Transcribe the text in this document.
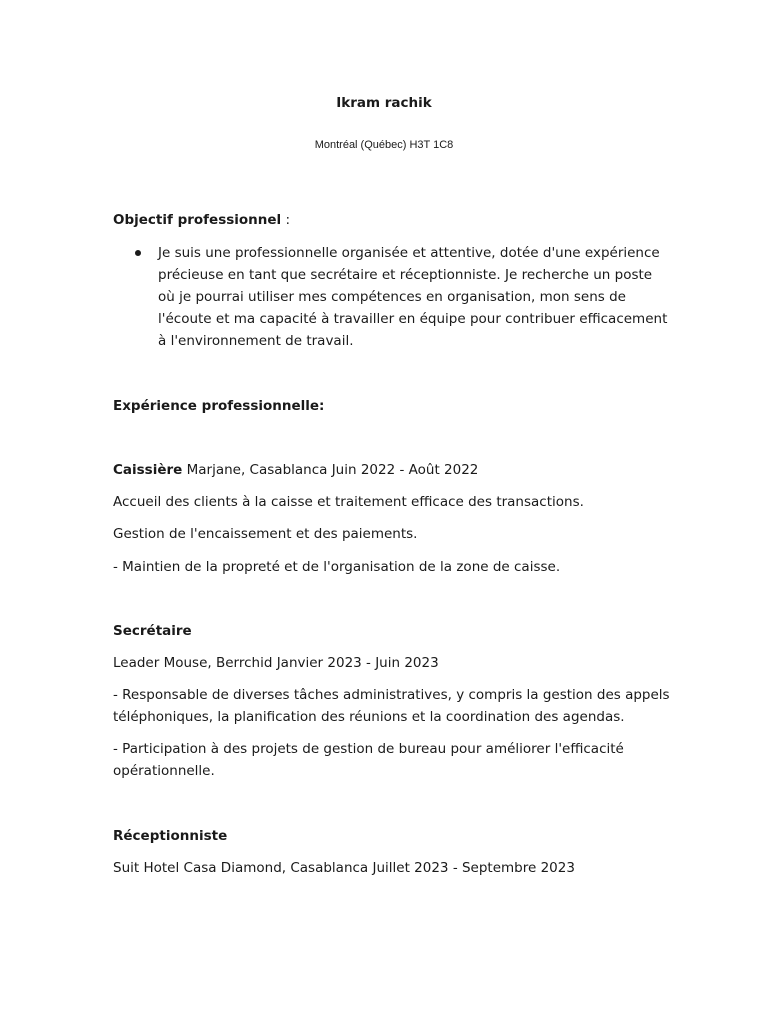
Ikram rachik
Montréal (Québec) H3T 1C8
Objectif professionnel :
Je suis une professionnelle organisée et attentive, dotée d'une expérience précieuse en tant que secrétaire et réceptionniste. Je recherche un poste où je pourrai utiliser mes compétences en organisation, mon sens de l'écoute et ma capacité à travailler en équipe pour contribuer efficacement à l'environnement de travail.
Expérience professionnelle:
Caissière Marjane, Casablanca Juin 2022 - Août 2022

Accueil des clients à la caisse et traitement efficace des transactions.

Gestion de l'encaissement et des paiements.

- Maintien de la propreté et de l'organisation de la zone de caisse.

Secrétaire

Leader Mouse, Berrchid Janvier 2023 - Juin 2023

- Responsable de diverses tâches administratives, y compris la gestion des appels téléphoniques, la planification des réunions et la coordination des agendas.

- Participation à des projets de gestion de bureau pour améliorer l'efficacité opérationnelle.

Réceptionniste

Suit Hotel Casa Diamond, Casablanca Juillet 2023 - Septembre 2023
